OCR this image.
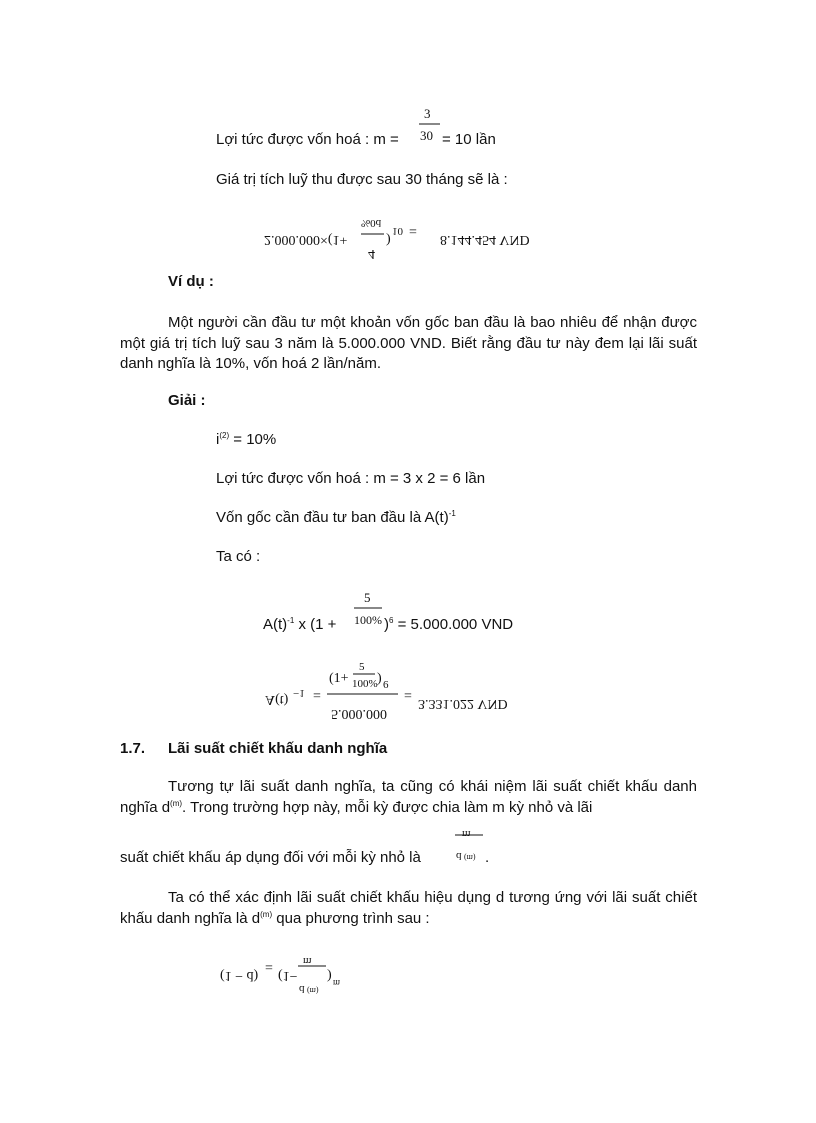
Lợi tức được vốn hoá : m =
3
30 = 10 lần
Giá trị tích luỹ thu được sau 30 tháng sẽ là :
2.000.000×(1+
4
%0d
)
10
8.144.454 VND
=
Ví dụ :
Một người cần đầu tư một khoản vốn gốc ban đầu là bao nhiêu để nhận được một giá trị tích luỹ sau 3 năm là 5.000.000 VND. Biết rằng đầu tư này đem lại lãi suất danh nghĩa là 10%, vốn hoá 2 lần/năm.
Giải :
$i^{(2)} = 10\%$
Lợi tức được vốn hoá : m = 3 x 2 = 6 lần
Vốn gốc cần đầu tư ban đầu là $A(t)^{-1}$
Ta có :
$A(t)^{-1}$ x (1 +
5
100% )$^6$ = 5.000.000 VND
A(t) −1 =
(1+
5
100% ) 6
5.000.000
= 3.331.022 VND
1.7. Lãi suất chiết khấu danh nghĩa
Tương tự lãi suất danh nghĩa, ta cũng có khái niệm lãi suất chiết khấu danh nghĩa $d^{(m)}$. Trong trường hợp này, mỗi kỳ được chia làm m kỳ nhỏ và lãi
suất chiết khấu áp dụng đối với mỗi kỳ nhỏ là
m
d (m) .
Ta có thể xác định lãi suất chiết khấu hiệu dụng d tương ứng với lãi suất chiết khấu danh nghĩa là $d^{(m)}$ qua phương trình sau :
(1 − d) = (1−
m
d (m)
) m
